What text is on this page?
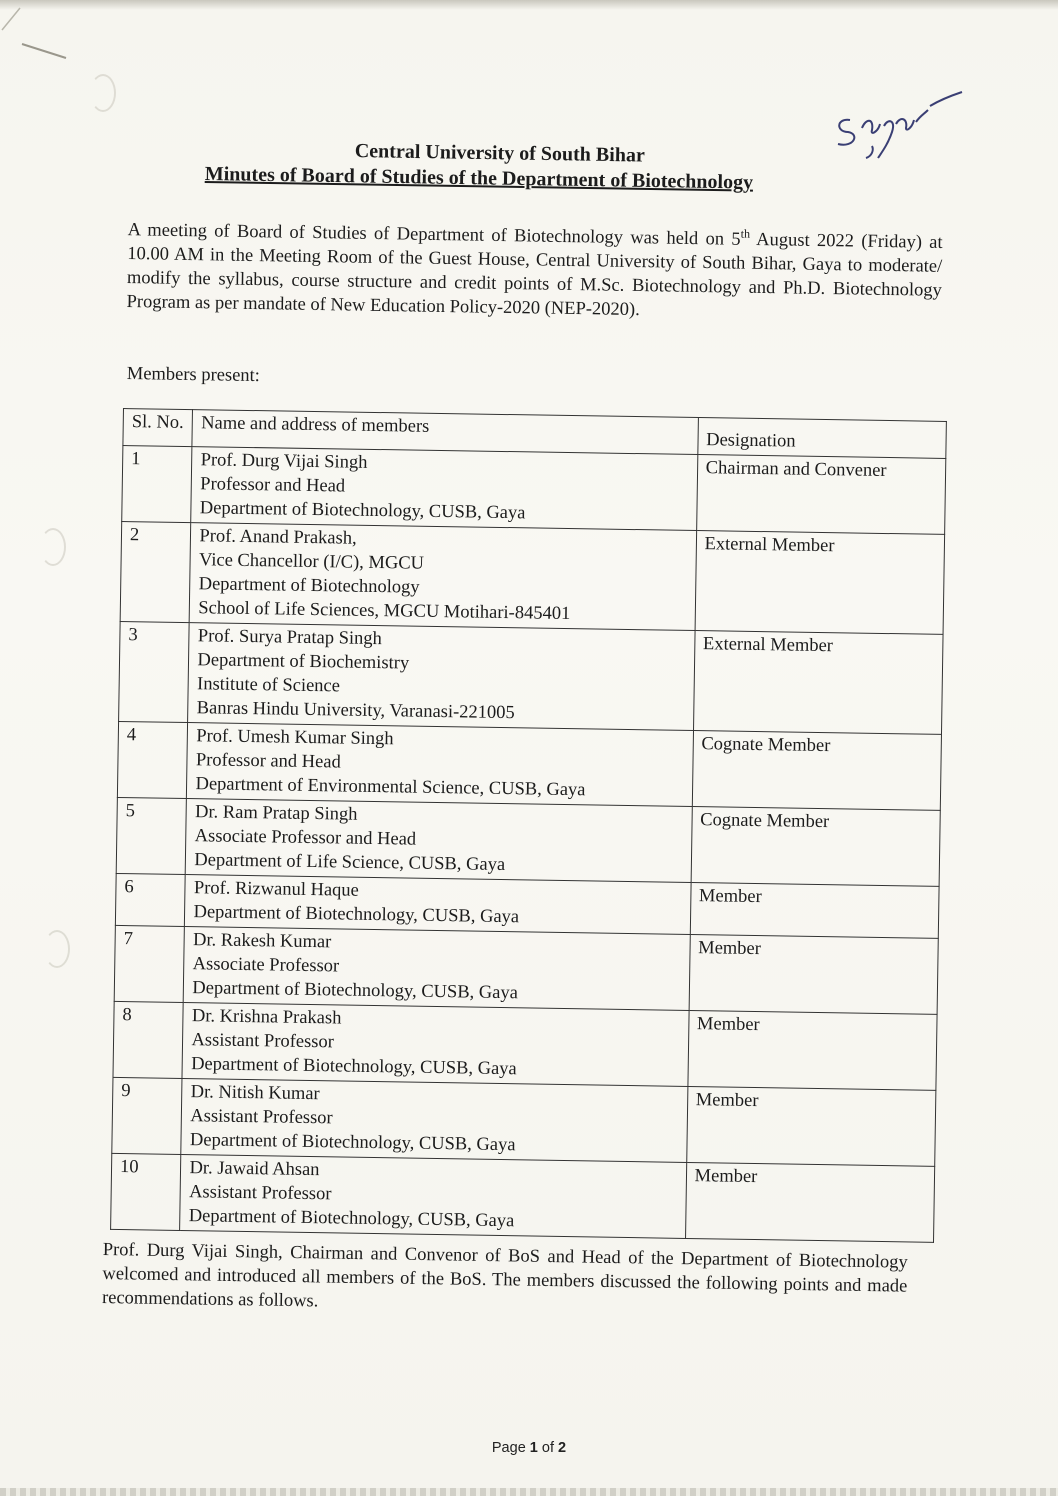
Central University of South Bihar
Minutes of Board of Studies of the Department of Biotechnology
A meeting of Board of Studies of Department of Biotechnology was held on 5th August 2022 (Friday) at 10.00 AM in the Meeting Room of the Guest House, Central University of South Bihar, Gaya to moderate/ modify the syllabus, course structure and credit points of M.Sc. Biotechnology and Ph.D. Biotechnology Program as per mandate of New Education Policy-2020 (NEP-2020).
Members present:
Sl. No.	Name and address of members	Designation
1	Prof. Durg Vijai Singh
Professor and Head
Department of Biotechnology, CUSB, Gaya	Chairman and Convener
2	Prof. Anand Prakash,
Vice Chancellor (I/C), MGCU
Department of Biotechnology
School of Life Sciences, MGCU Motihari-845401	External Member
3	Prof. Surya Pratap Singh
Department of Biochemistry
Institute of Science
Banras Hindu University, Varanasi-221005	External Member
4	Prof. Umesh Kumar Singh
Professor and Head
Department of Environmental Science, CUSB, Gaya	Cognate Member
5	Dr. Ram Pratap Singh
Associate Professor and Head
Department of Life Science, CUSB, Gaya	Cognate Member
6	Prof. Rizwanul Haque
Department of Biotechnology, CUSB, Gaya	Member
7	Dr. Rakesh Kumar
Associate Professor
Department of Biotechnology, CUSB, Gaya	Member
8	Dr. Krishna Prakash
Assistant Professor
Department of Biotechnology, CUSB, Gaya	Member
9	Dr. Nitish Kumar
Assistant Professor
Department of Biotechnology, CUSB, Gaya	Member
10	Dr. Jawaid Ahsan
Assistant Professor
Department of Biotechnology, CUSB, Gaya	Member
Prof. Durg Vijai Singh, Chairman and Convenor of BoS and Head of the Department of Biotechnology welcomed and introduced all members of the BoS. The members discussed the following points and made recommendations as follows.
Page 1 of 2
